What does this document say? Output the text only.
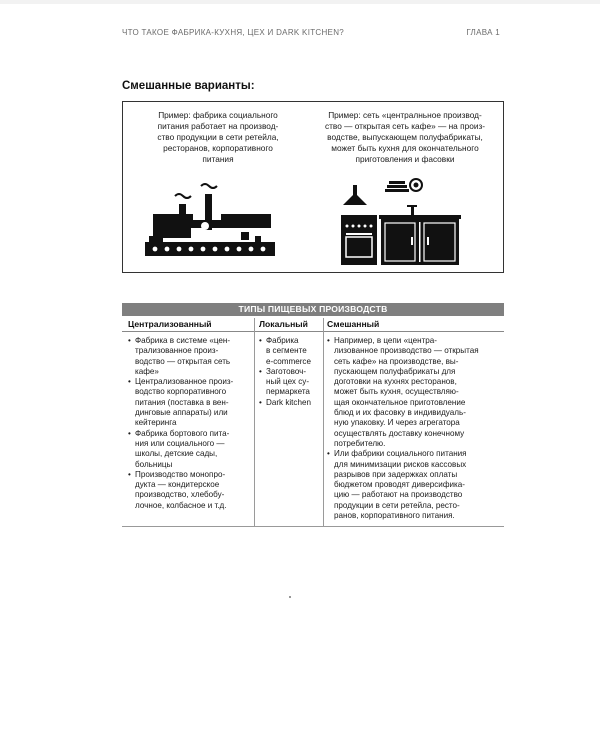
ЧТО ТАКОЕ ФАБРИКА-КУХНЯ, ЦЕХ И DARK KITCHEN?	ГЛАВА 1
Смешанные варианты:
Пример: фабрика социального
питания работает на производ-
ство продукции в сети ретейла,
ресторанов, корпоративного
питания
Пример: сеть «централньное производ-
ство — открытая сеть кафе» — на произ-
водстве, выпускающем полуфабрикаты,
может быть кухня для окончательного
приготовления и фасовки
ТИПЫ ПИЩЕВЫХ ПРОИЗВОДСТВ
Централизованный	Локальный Смешанный
• Фабрика в системе «цен-
трализованное произ-
водство — открытая сеть
кафе»
• Централизованное произ-
водство корпоративного
питания (поставка в вен-
динговые аппараты) или
кейтеринга
• Фабрика бортового пита-
ния или социального —
школы, детские сады,
больницы
• Производство монопро-
дукта — кондитерское
производство, хлебобу-
лочное, колбасное и т.д.
• Фабрика
в сегменте
e-commerce
• Заготовоч-
ный цех су-
пермаркета
• Dark kitchen
• Например, в цепи «центра-
лизованное производство — открытая
сеть кафе» на производстве, вы-
пускающем полуфабрикаты для
доготовки на кухнях ресторанов,
может быть кухня, осуществляю-
щая окончательное приготовление
блюд и их фасовку в индивидуаль-
ную упаковку. И через агрегатора
осуществлять доставку конечному
потребителю.
• Или фабрики социального питания
для минимизации рисков кассовых
разрывов при задержках оплаты
бюджетом проводят диверсифика-
цию — работают на производство
продукции в сети ретейла, ресто-
ранов, корпоративного питания.
